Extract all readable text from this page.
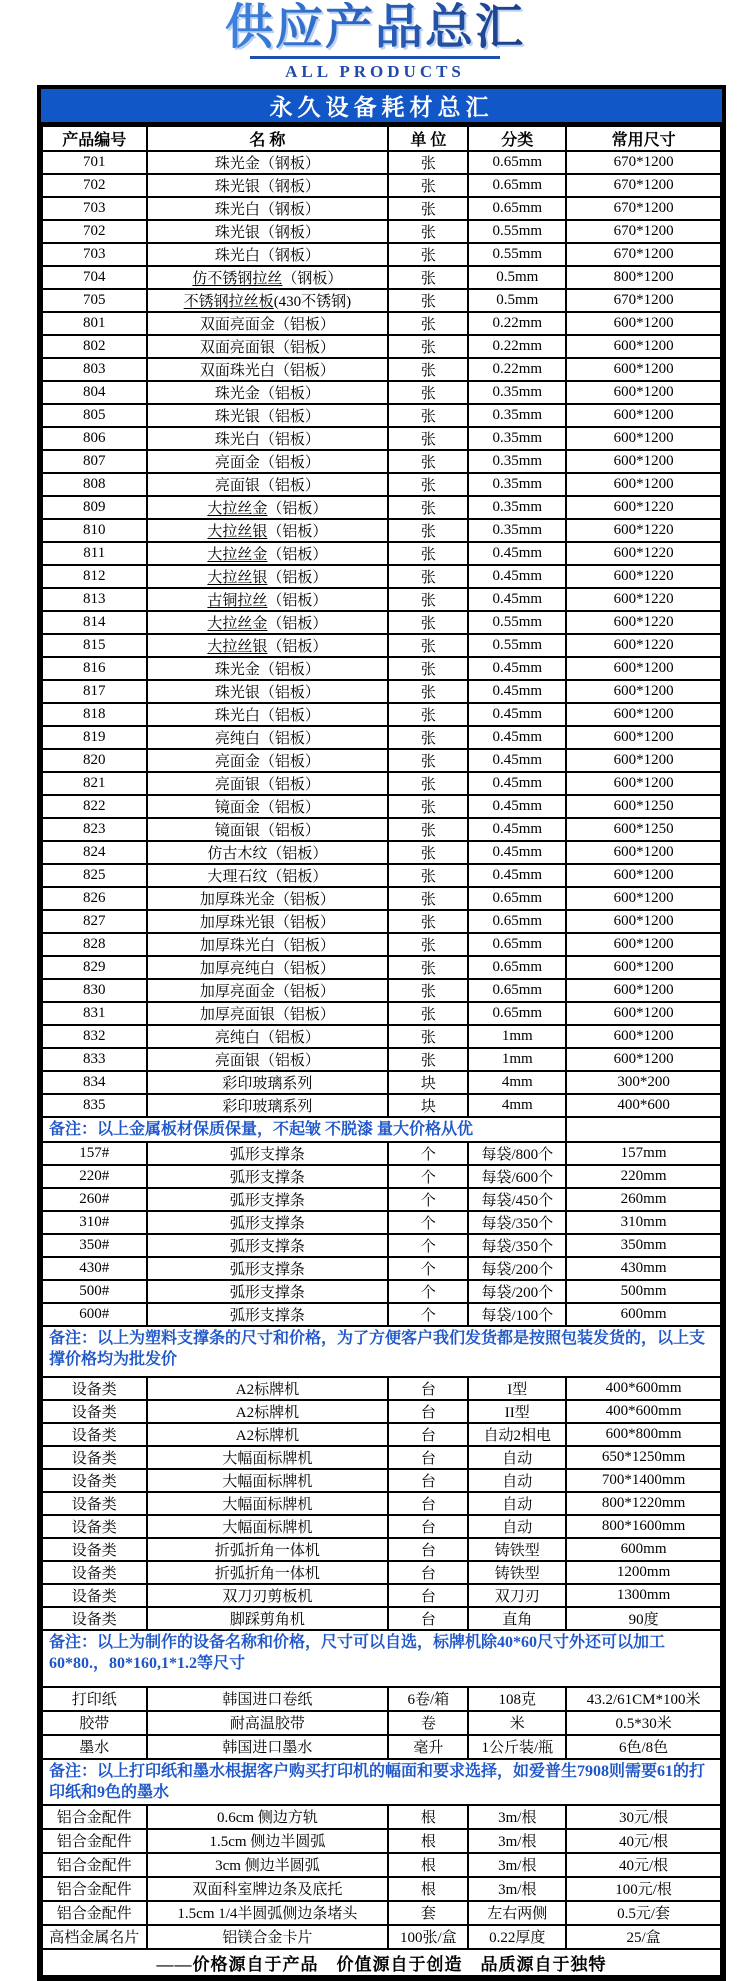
供应产品总汇
ALL PRODUCTS
永久设备耗材总汇
产品编号	名 称	单 位	分类	常用尺寸
701	珠光金（钢板）	张	0.65mm	670*1200
702	珠光银（钢板）	张	0.65mm	670*1200
703	珠光白（钢板）	张	0.65mm	670*1200
702	珠光银（钢板）	张	0.55mm	670*1200
703	珠光白（钢板）	张	0.55mm	670*1200
704	仿不锈钢拉丝（钢板）	张	0.5mm	800*1200
705	不锈钢拉丝板(430不锈钢)	张	0.5mm	670*1200
801	双面亮面金（铝板）	张	0.22mm	600*1200
802	双面亮面银（铝板）	张	0.22mm	600*1200
803	双面珠光白（铝板）	张	0.22mm	600*1200
804	珠光金（铝板）	张	0.35mm	600*1200
805	珠光银（铝板）	张	0.35mm	600*1200
806	珠光白（铝板）	张	0.35mm	600*1200
807	亮面金（铝板）	张	0.35mm	600*1200
808	亮面银（铝板）	张	0.35mm	600*1200
809	大拉丝金（铝板）	张	0.35mm	600*1220
810	大拉丝银（铝板）	张	0.35mm	600*1220
811	大拉丝金（铝板）	张	0.45mm	600*1220
812	大拉丝银（铝板）	张	0.45mm	600*1220
813	古铜拉丝（铝板）	张	0.45mm	600*1220
814	大拉丝金（铝板）	张	0.55mm	600*1220
815	大拉丝银（铝板）	张	0.55mm	600*1220
816	珠光金（铝板）	张	0.45mm	600*1200
817	珠光银（铝板）	张	0.45mm	600*1200
818	珠光白（铝板）	张	0.45mm	600*1200
819	亮纯白（铝板）	张	0.45mm	600*1200
820	亮面金（铝板）	张	0.45mm	600*1200
821	亮面银（铝板）	张	0.45mm	600*1200
822	镜面金（铝板）	张	0.45mm	600*1250
823	镜面银（铝板）	张	0.45mm	600*1250
824	仿古木纹（铝板）	张	0.45mm	600*1200
825	大理石纹（铝板）	张	0.45mm	600*1200
826	加厚珠光金（铝板）	张	0.65mm	600*1200
827	加厚珠光银（铝板）	张	0.65mm	600*1200
828	加厚珠光白（铝板）	张	0.65mm	600*1200
829	加厚亮纯白（铝板）	张	0.65mm	600*1200
830	加厚亮面金（铝板）	张	0.65mm	600*1200
831	加厚亮面银（铝板）	张	0.65mm	600*1200
832	亮纯白（铝板）	张	1mm	600*1200
833	亮面银（铝板）	张	1mm	600*1200
834	彩印玻璃系列	块	4mm	300*200
835	彩印玻璃系列	块	4mm	400*600
备注：以上金属板材保质保量，不起皱 不脱漆 量大价格从优				
157#	弧形支撑条	个	每袋/800个	157mm
220#	弧形支撑条	个	每袋/600个	220mm
260#	弧形支撑条	个	每袋/450个	260mm
310#	弧形支撑条	个	每袋/350个	310mm
350#	弧形支撑条	个	每袋/350个	350mm
430#	弧形支撑条	个	每袋/200个	430mm
500#	弧形支撑条	个	每袋/200个	500mm
600#	弧形支撑条	个	每袋/100个	600mm
备注：以上为塑料支撑条的尺寸和价格，为了方便客户我们发货都是按照包装发货的，以上支撑价格均为批发价				
设备类	A2标牌机	台	I型	400*600mm
设备类	A2标牌机	台	II型	400*600mm
设备类	A2标牌机	台	自动2相电	600*800mm
设备类	大幅面标牌机	台	自动	650*1250mm
设备类	大幅面标牌机	台	自动	700*1400mm
设备类	大幅面标牌机	台	自动	800*1220mm
设备类	大幅面标牌机	台	自动	800*1600mm
设备类	折弧折角一体机	台	铸铁型	600mm
设备类	折弧折角一体机	台	铸铁型	1200mm
设备类	双刀刃剪板机	台	双刀刃	1300mm
设备类	脚踩剪角机	台	直角	90度
备注：以上为制作的设备名称和价格，尺寸可以自选，标牌机除40*60尺寸外还可以加工60*80.，80*160,1*1.2等尺寸				
打印纸	韩国进口卷纸	6卷/箱	108克	43.2/61CM*100米
胶带	耐高温胶带	卷	米	0.5*30米
墨水	韩国进口墨水	毫升	1公斤装/瓶	6色/8色
备注：以上打印纸和墨水根据客户购买打印机的幅面和要求选择，如爱普生7908则需要61的打印纸和9色的墨水				
铝合金配件	0.6cm 侧边方轨	根	3m/根	30元/根
铝合金配件	1.5cm 侧边半圆弧	根	3m/根	40元/根
铝合金配件	3cm 侧边半圆弧	根	3m/根	40元/根
铝合金配件	双面科室牌边条及底托	根	3m/根	100元/根
铝合金配件	1.5cm 1/4半圆弧侧边条堵头	套	左右两侧	0.5元/套
高档金属名片	铝镁合金卡片	100张/盒	0.22厚度	25/盒
——价格源自于产品　价值源自于创造　品质源自于独特				
